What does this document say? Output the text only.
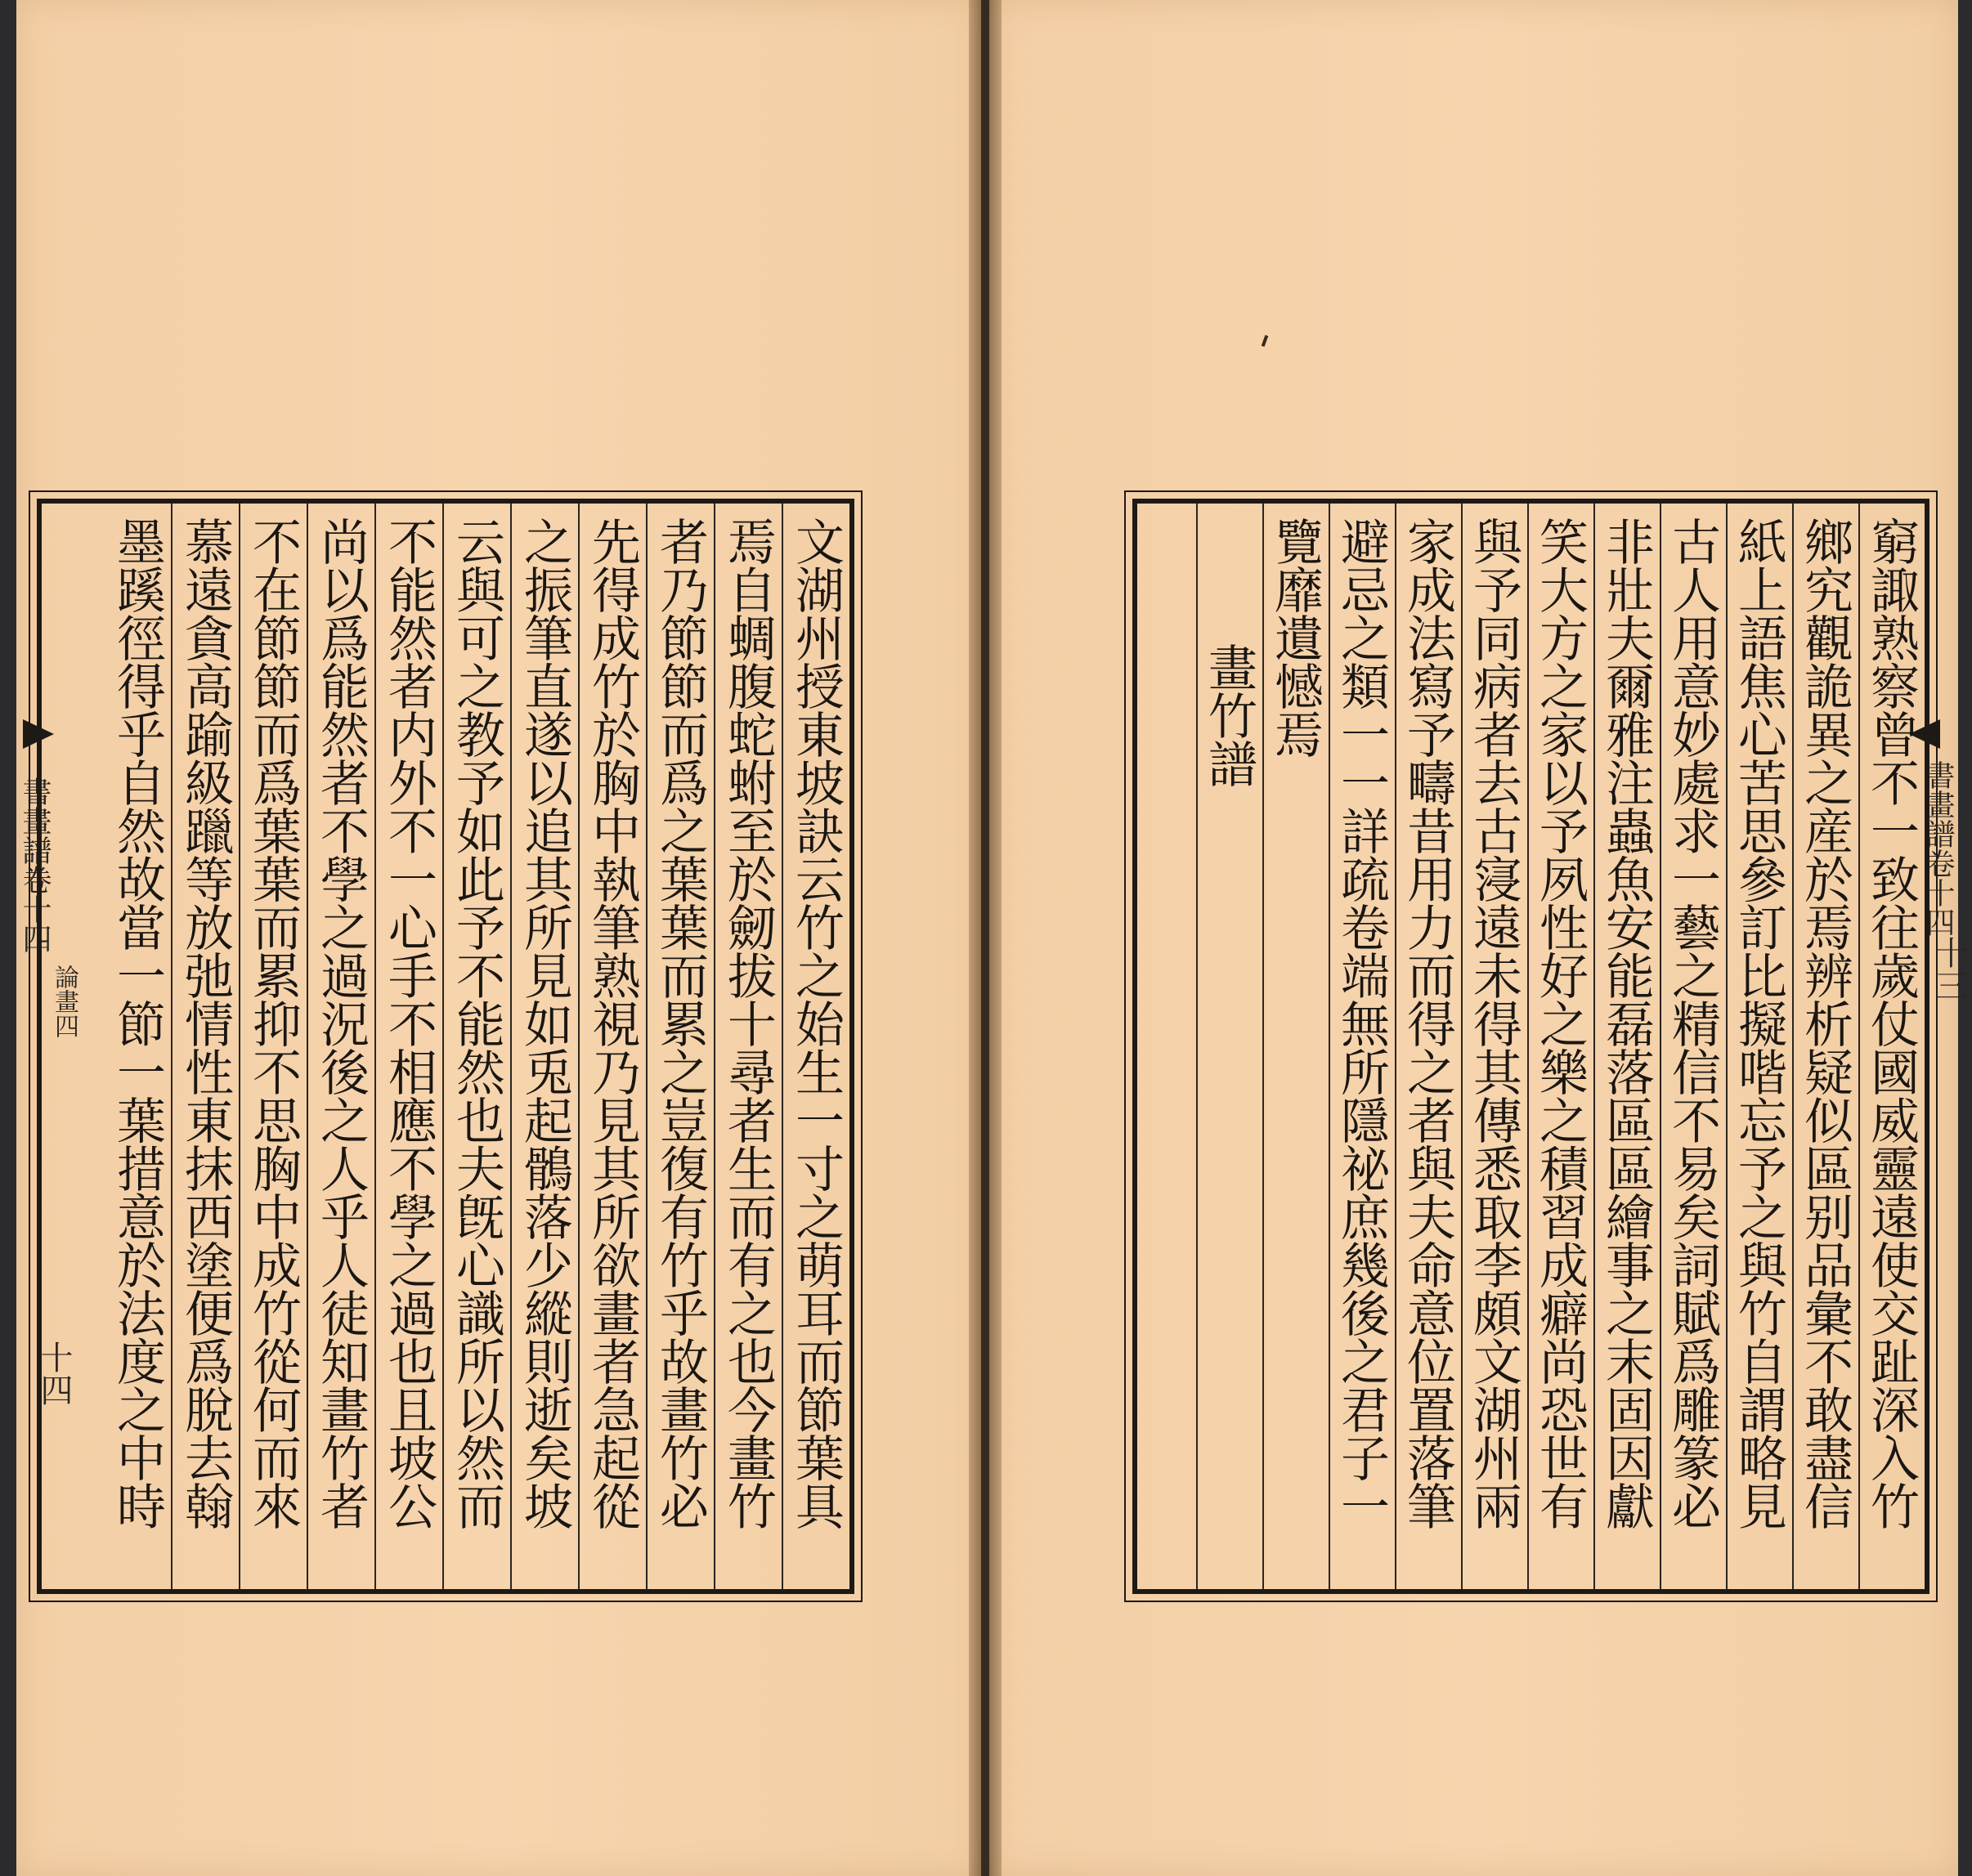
書畫譜卷十四
論畫四
十四
書畫譜卷十四
十三
文湖州授東坡訣云竹之始生一寸之萌耳而節葉具
焉自蜩腹蛇蚹至於劒拔十尋者生而有之也今畫竹
者乃節節而爲之葉葉而累之豈復有竹乎故畫竹必
先得成竹於胸中執筆熟視乃見其所欲畫者急起從
之振筆直遂以追其所見如兎起鶻落少縱則逝矣坡
云與可之教予如此予不能然也夫旣心識所以然而
不能然者内外不一心手不相應不學之過也且坡公
尚以爲能然者不學之過況後之人乎人徒知畫竹者
不在節節而爲葉葉而累抑不思胸中成竹從何而來
慕遠貪高踰級躐等放弛情性東抹西塗便爲脫去翰
墨蹊徑得乎自然故當一節一葉措意於法度之中時	窮諏熟察曾不一致往歲仗國威靈遠使交趾深入竹
鄉究觀詭異之産於焉辨析疑似區别品彙不敢盡信
紙上語焦心苦思參訂比擬喈忘予之與竹自謂略見
古人用意妙處求一藝之精信不易矣詞賦爲雕篆必
非壯夫爾雅注蟲魚安能磊落區區繪事之末固因獻
笑大方之家以予夙性好之樂之積習成癖尚恐世有
與予同病者去古寖遠未得其傳悉取李頗文湖州兩
家成法寫予疇昔用力而得之者與夫命意位置落筆
避忌之類一一詳疏卷端無所隱祕庶幾後之君子一
覽靡遺憾焉
畫竹譜
